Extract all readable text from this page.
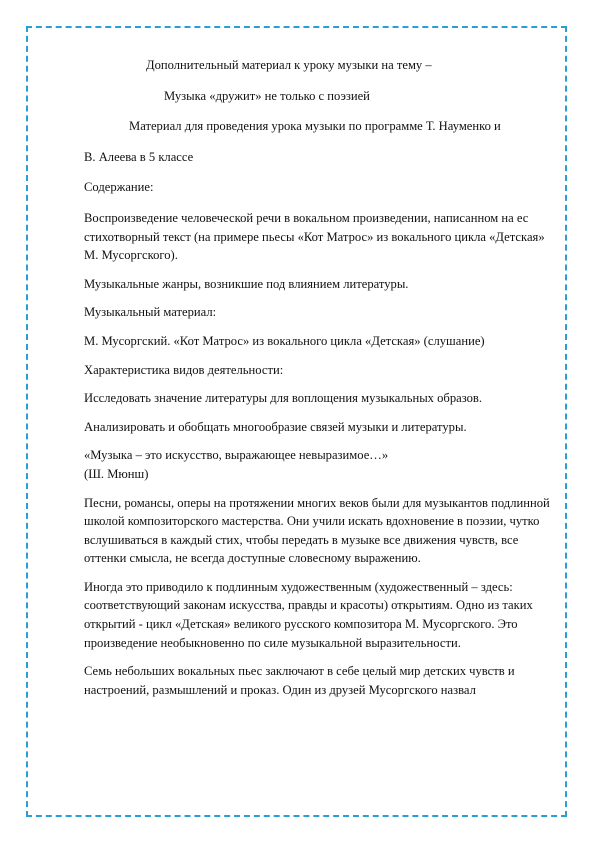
Дополнительный материал к уроку музыки на тему –
Музыка «дружит» не только с поэзией
Материал для проведения урока музыки по программе Т. Науменко и
В. Алеева в 5 классе

Содержание:

Воспроизведение человеческой речи в вокальном произведении, написанном на ес стихотворный текст (на примере пьесы «Кот Матрос» из вокального цикла «Детская» М. Мусоргского).

Музыкальные жанры, возникшие под влиянием литературы.

Музыкальный материал:

М. Мусоргский. «Кот Матрос» из вокального цикла «Детская» (слушание)

Характеристика видов деятельности:

Исследовать значение литературы для воплощения музыкальных образов.

Анализировать и обобщать многообразие связей музыки и литературы.

«Музыка – это искусство, выражающее невыразимое…»

(Ш. Мюнш)

Песни, романсы, оперы на протяжении многих веков были для музыкантов подлинной школой композиторского мастерства. Они учили искать вдохновение в поэзии, чутко вслушиваться в каждый стих, чтобы передать в музыке все движения чувств, все оттенки смысла, не всегда доступные словесному выражению.

Иногда это приводило к подлинным художественным (художественный – здесь: соответствующий законам искусства, правды и красоты) открытиям. Одно из таких открытий - цикл «Детская» великого русского композитора М. Мусоргского. Это произведение необыкновенно по силе музыкальной выразительности.

Семь небольших вокальных пьес заключают в себе целый мир детских чувств и настроений, размышлений и проказ. Один из друзей Мусоргского назвал
